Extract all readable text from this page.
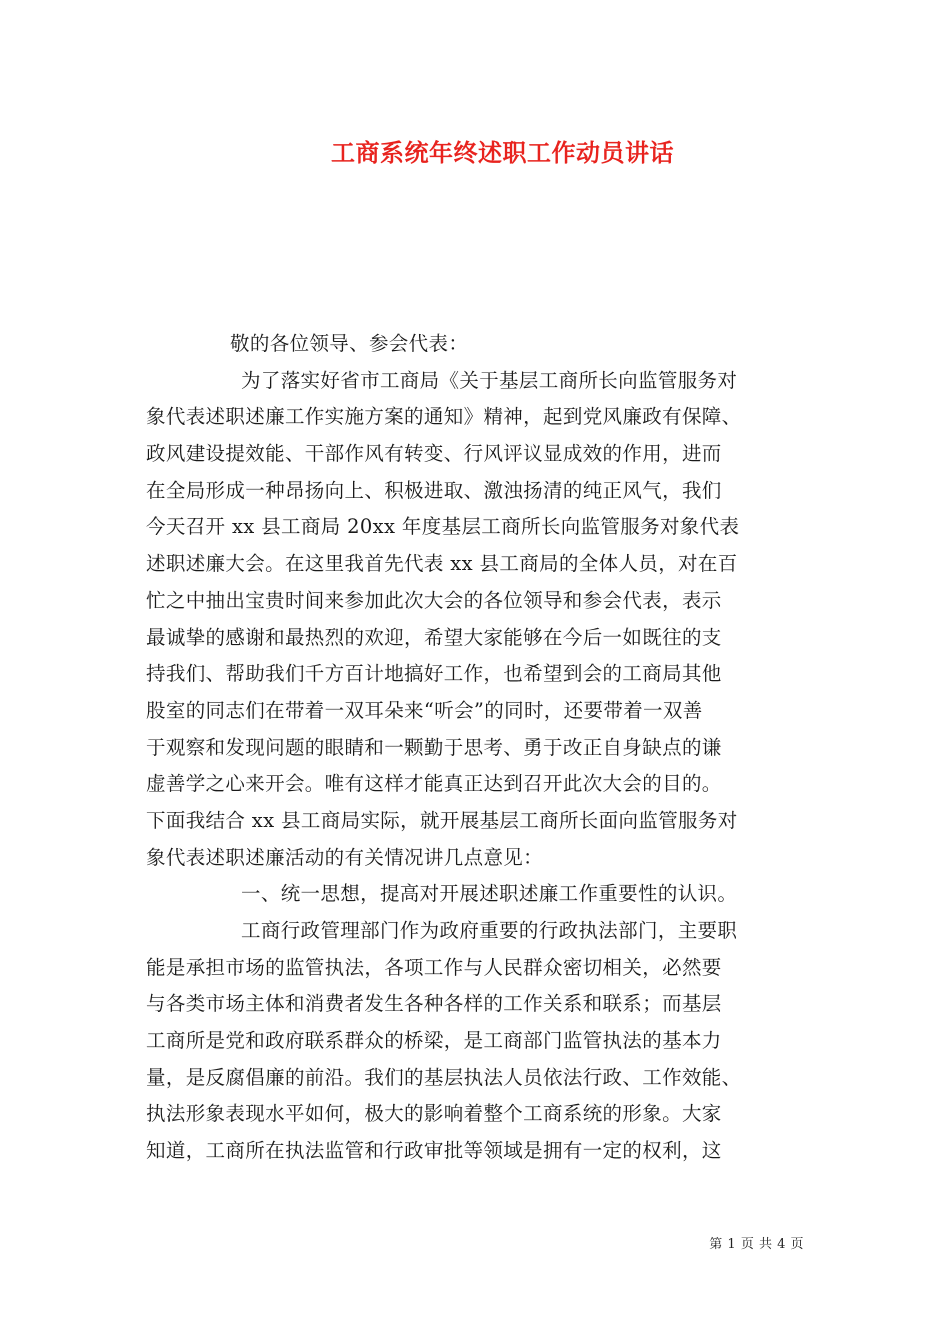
工商系统年终述职工作动员讲话
敬的各位领导、参会代表：
为了落实好省市工商局《关于基层工商所长向监管服务对
象代表述职述廉工作实施方案的通知》精神，起到党风廉政有保障、
政风建设提效能、干部作风有转变、行风评议显成效的作用，进而
在全局形成一种昂扬向上、积极进取、激浊扬清的纯正风气，我们
今天召开 xx 县工商局 20xx 年度基层工商所长向监管服务对象代表
述职述廉大会。在这里我首先代表 xx 县工商局的全体人员，对在百
忙之中抽出宝贵时间来参加此次大会的各位领导和参会代表，表示
最诚挚的感谢和最热烈的欢迎，希望大家能够在今后一如既往的支
持我们、帮助我们千方百计地搞好工作，也希望到会的工商局其他
股室的同志们在带着一双耳朵来“听会”的同时，还要带着一双善
于观察和发现问题的眼睛和一颗勤于思考、勇于改正自身缺点的谦
虚善学之心来开会。唯有这样才能真正达到召开此次大会的目的。
下面我结合 xx 县工商局实际，就开展基层工商所长面向监管服务对
象代表述职述廉活动的有关情况讲几点意见：
一、统一思想，提高对开展述职述廉工作重要性的认识。
工商行政管理部门作为政府重要的行政执法部门，主要职
能是承担市场的监管执法，各项工作与人民群众密切相关，必然要
与各类市场主体和消费者发生各种各样的工作关系和联系；而基层
工商所是党和政府联系群众的桥梁，是工商部门监管执法的基本力
量，是反腐倡廉的前沿。我们的基层执法人员依法行政、工作效能、
执法形象表现水平如何，极大的影响着整个工商系统的形象。大家
知道，工商所在执法监管和行政审批等领域是拥有一定的权利，这
第 1 页 共 4 页
